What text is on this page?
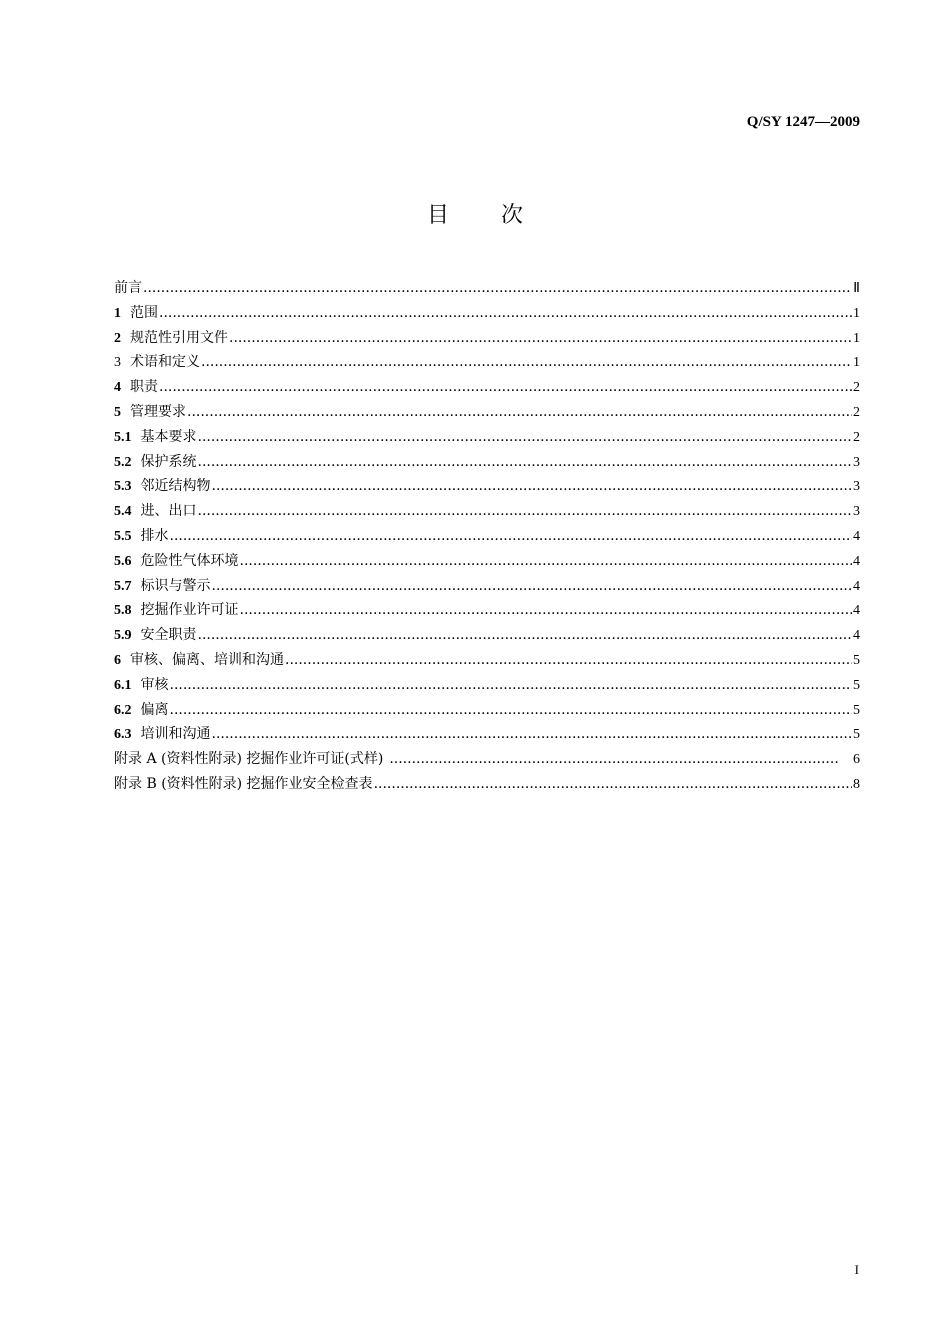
Q/SY 1247—2009
目 次
前言 .....	Ⅱ
1 范围 .....	1
2 规范性引用文件 .....	1
3 术语和定义 .....	1
4 职责 .....	2
5 管理要求 .....	2
5.1 基本要求 .....	2
5.2 保护系统 .....	3
5.3 邻近结构物 .....	3
5.4 进、出口 .....	3
5.5 排水 .....	4
5.6 危险性气体环境 .....	4
5.7 标识与警示 .....	4
5.8 挖掘作业许可证 .....	4
5.9 安全职责 .....	4
6 审核、偏离、培训和沟通 .....	5
6.1 审核 .....	5
6.2 偏离 .....	5
6.3 培训和沟通 .....	5
附录 A (资料性附录) 挖掘作业许可证(式样) .....	6
附录 B (资料性附录) 挖掘作业安全检查表 .....	8
I
